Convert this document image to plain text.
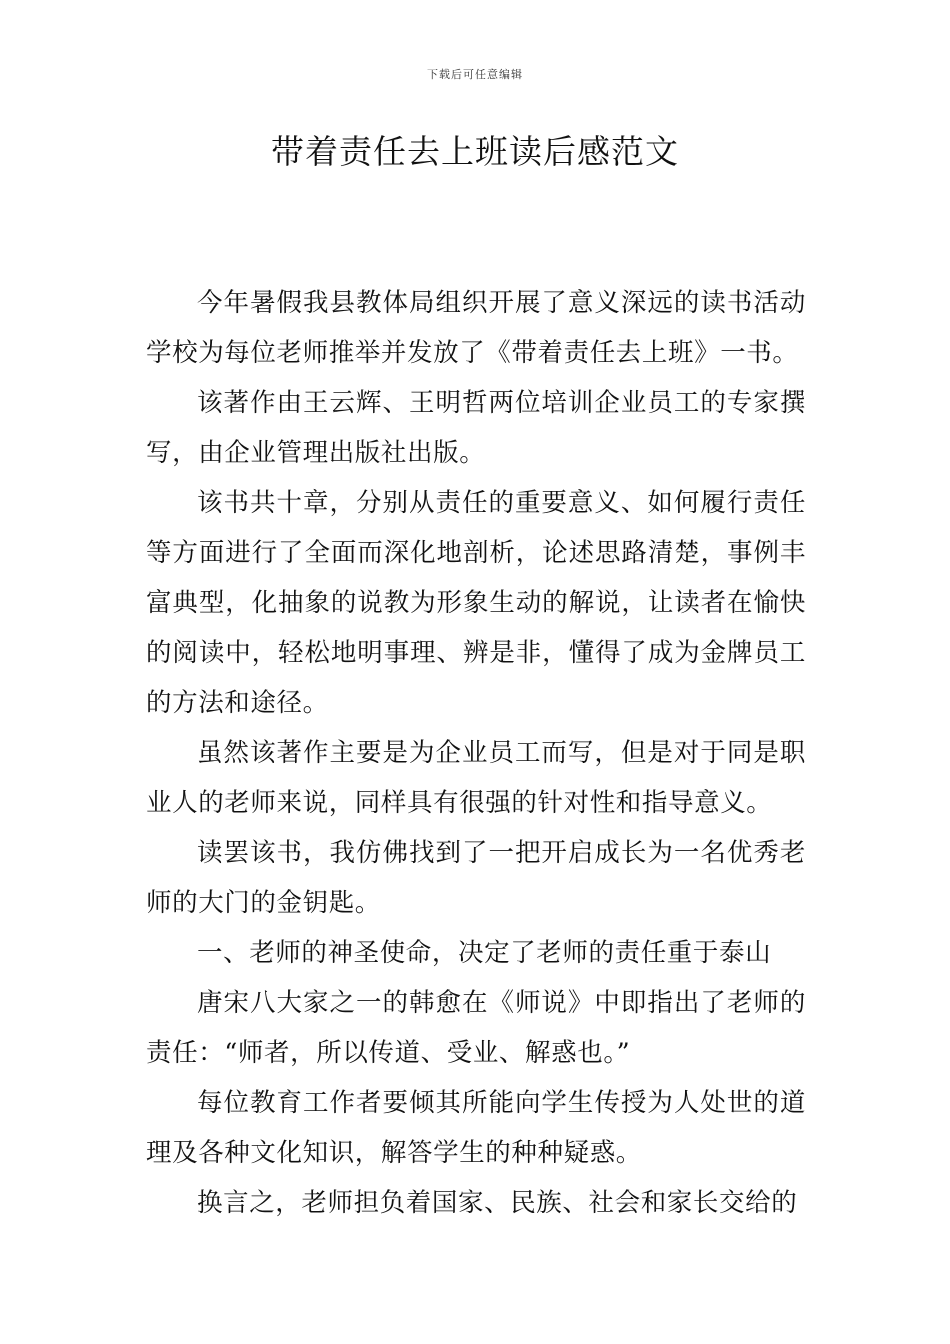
下载后可任意编辑
带着责任去上班读后感范文

今年暑假我县教体局组织开展了意义深远的读书活动学校为每位老师推举并发放了《带着责任去上班》一书。

该著作由王云辉、王明哲两位培训企业员工的专家撰写，由企业管理出版社出版。

该书共十章，分别从责任的重要意义、如何履行责任等方面进行了全面而深化地剖析，论述思路清楚，事例丰富典型，化抽象的说教为形象生动的解说，让读者在愉快的阅读中，轻松地明事理、辨是非，懂得了成为金牌员工的方法和途径。

虽然该著作主要是为企业员工而写，但是对于同是职业人的老师来说，同样具有很强的针对性和指导意义。

读罢该书，我仿佛找到了一把开启成长为一名优秀老师的大门的金钥匙。

一、老师的神圣使命，决定了老师的责任重于泰山

唐宋八大家之一的韩愈在《师说》中即指出了老师的责任：“师者，所以传道、受业、解惑也。”

每位教育工作者要倾其所能向学生传授为人处世的道理及各种文化知识，解答学生的种种疑惑。

换言之，老师担负着国家、民族、社会和家长交给的
